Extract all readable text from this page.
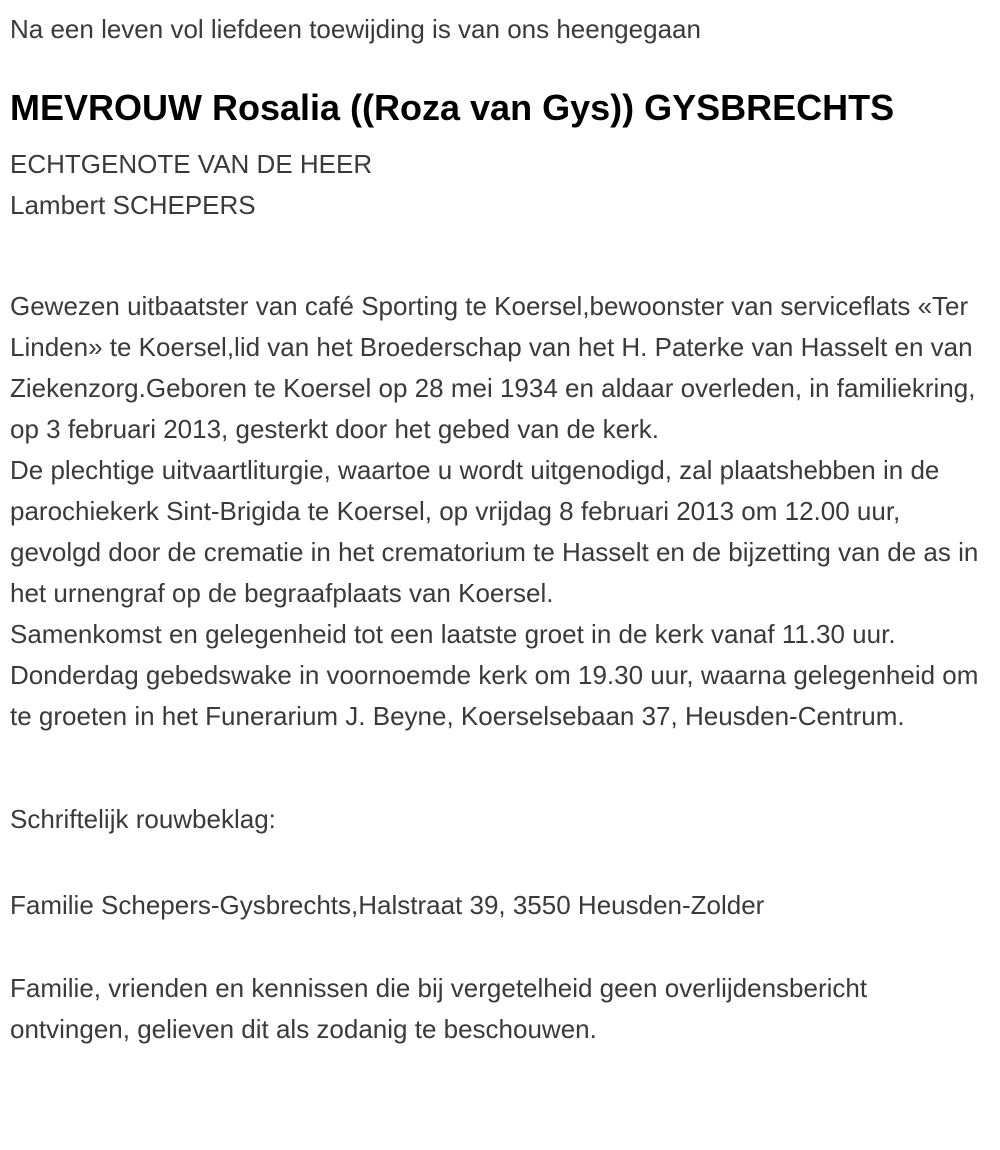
Na een leven vol liefdeen toewijding is van ons heengegaan
MEVROUW Rosalia ((Roza van Gys)) GYSBRECHTS
ECHTGENOTE VAN DE HEER
Lambert SCHEPERS

Gewezen uitbaatster van café Sporting te Koersel,bewoonster van serviceflats «Ter Linden» te Koersel,lid van het Broederschap van het H. Paterke van Hasselt en van Ziekenzorg.Geboren te Koersel op 28 mei 1934 en aldaar overleden, in familiekring, op 3 februari 2013, gesterkt door het gebed van de kerk.

De plechtige uitvaartliturgie, waartoe u wordt uitgenodigd, zal plaatshebben in de parochiekerk Sint-Brigida te Koersel, op vrijdag 8 februari 2013 om 12.00 uur, gevolgd door de crematie in het crematorium te Hasselt en de bijzetting van de as in het urnengraf op de begraafplaats van Koersel.

Samenkomst en gelegenheid tot een laatste groet in de kerk vanaf 11.30 uur.

Donderdag gebedswake in voornoemde kerk om 19.30 uur, waarna gelegenheid om te groeten in het Funerarium J. Beyne, Koerselsebaan 37, Heusden-Centrum.

Schriftelijk rouwbeklag:
Familie Schepers-Gysbrechts,Halstraat 39, 3550 Heusden-Zolder
Familie, vrienden en kennissen die bij vergetelheid geen overlijdensbericht ontvingen, gelieven dit als zodanig te beschouwen.
